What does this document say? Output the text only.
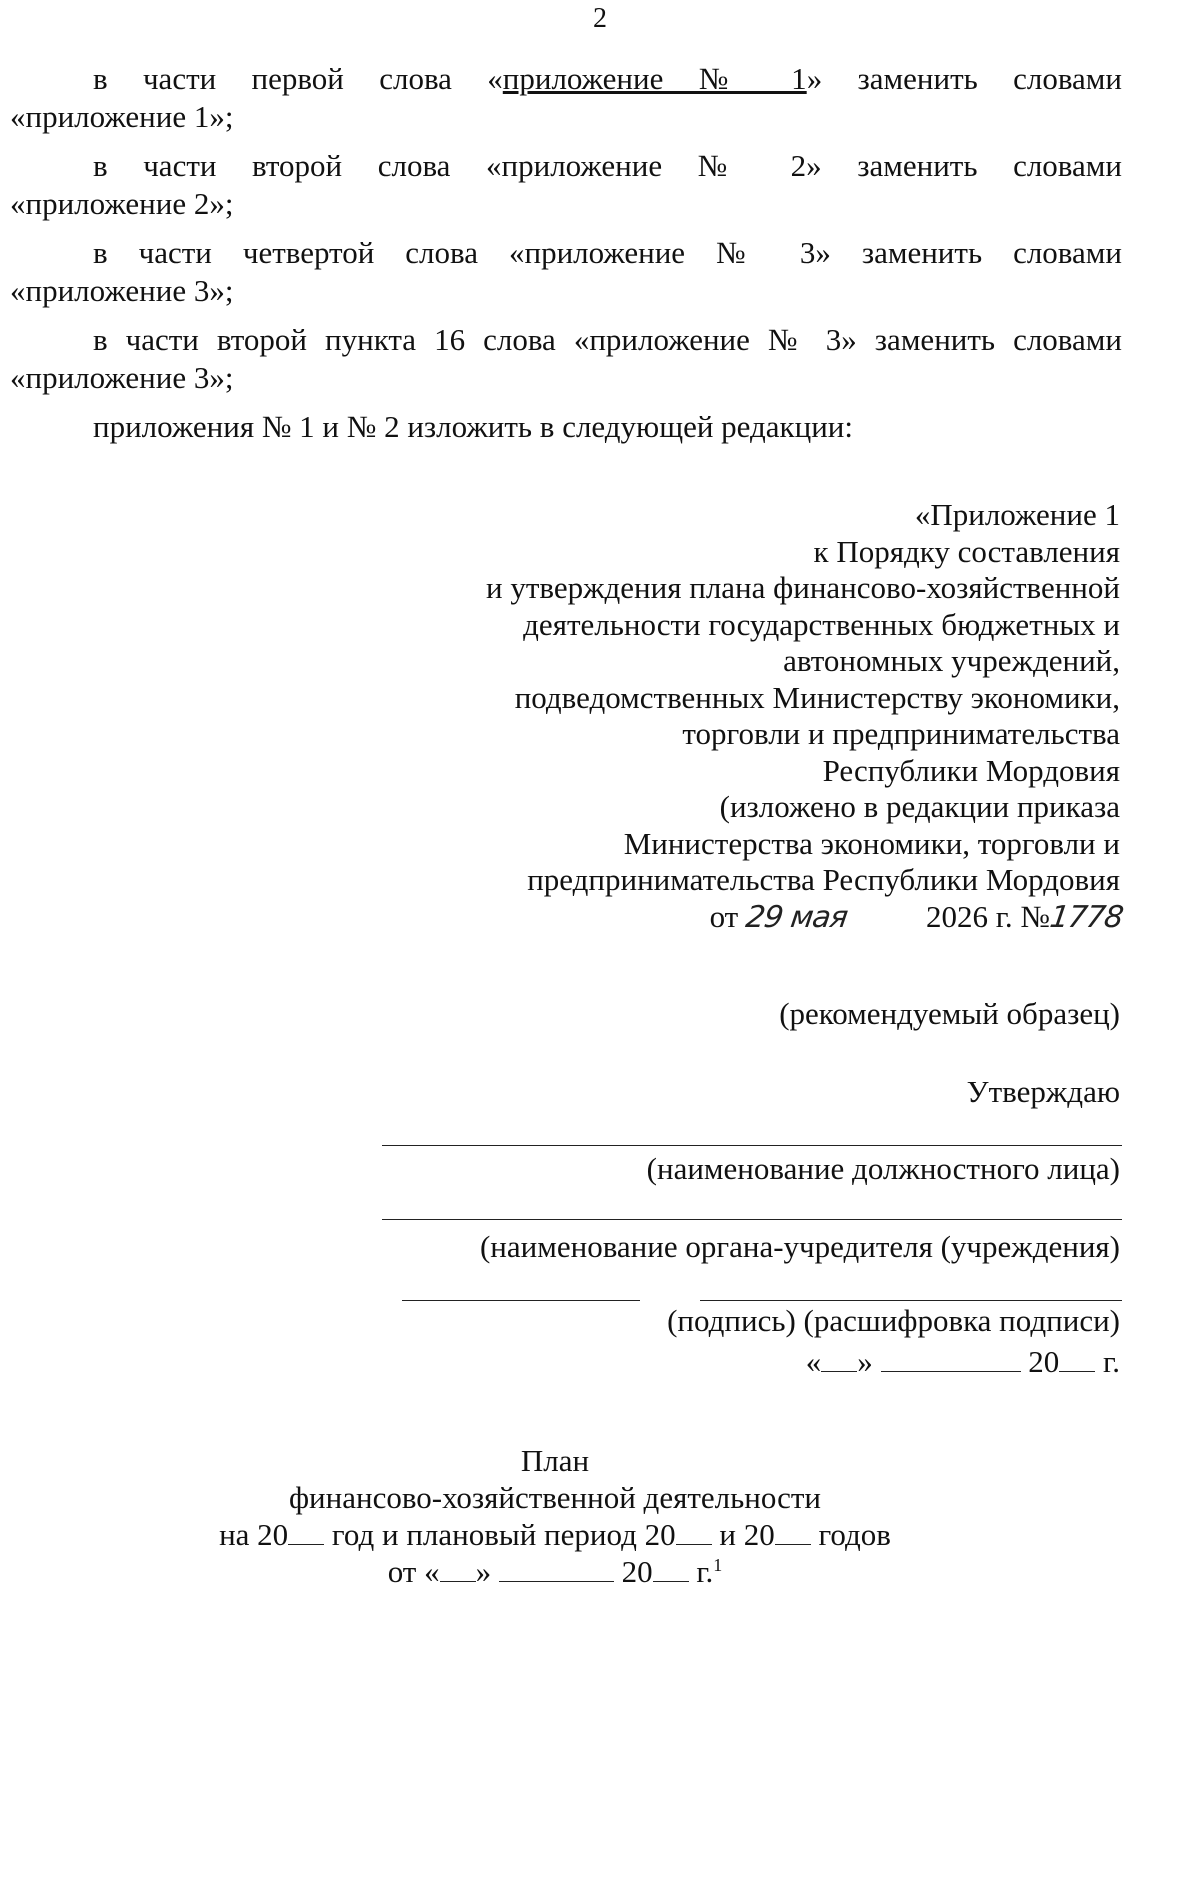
2

в части первой слова «приложение № 1» заменить словами
«приложение 1»;

в части второй слова «приложение № 2» заменить словами
«приложение 2»;

в части четвертой слова «приложение № 3» заменить словами
«приложение 3»;

в части второй пункта 16 слова «приложение № 3» заменить словами
«приложение 3»;

приложения № 1 и № 2 изложить в следующей редакции:

«Приложение 1
к Порядку составления
и утверждения плана финансово-хозяйственной
деятельности государственных бюджетных и
автономных учреждений,
подведомственных Министерству экономики,
торговли и предпринимательства
Республики Мордовия
(изложено в редакции приказа
Министерства экономики, торговли и
предпринимательства Республики Мордовия
от 29 мая 2026 г. №1778
(рекомендуемый образец)
Утверждаю
(наименование должностного лица)
(наименование органа-учредителя (учреждения)
(подпись) (расшифровка подписи)
« »	20 г.
План
финансово-хозяйственной деятельности
на 20 год и плановый период 20 и 20 годов
от « »	20 г.$^1$
